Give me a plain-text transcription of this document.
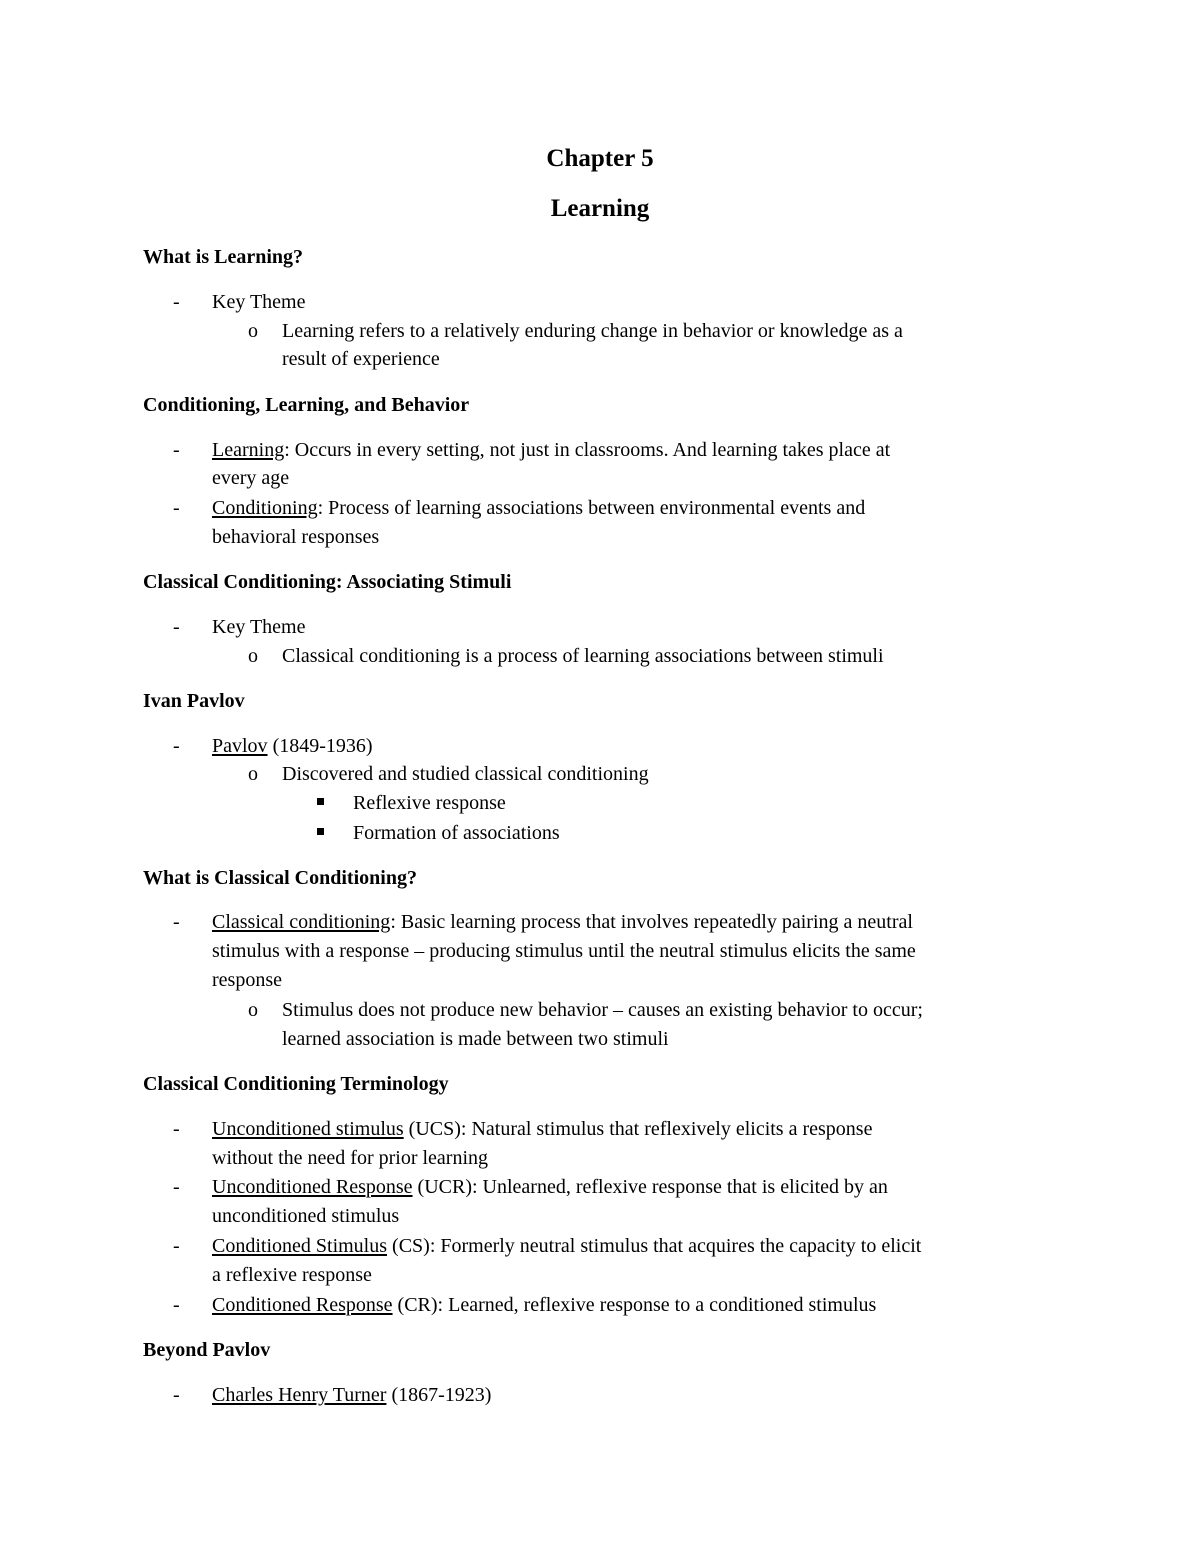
Chapter 5
Learning
What is Learning?
- Key Theme
o Learning refers to a relatively enduring change in behavior or knowledge as a
result of experience
Conditioning, Learning, and Behavior
- Learning: Occurs in every setting, not just in classrooms. And learning takes place at
every age
- Conditioning: Process of learning associations between environmental events and
behavioral responses
Classical Conditioning: Associating Stimuli
- Key Theme
o Classical conditioning is a process of learning associations between stimuli
Ivan Pavlov
- Pavlov (1849-1936)
o Discovered and studied classical conditioning
Reflexive response
Formation of associations
What is Classical Conditioning?
- Classical conditioning: Basic learning process that involves repeatedly pairing a neutral
stimulus with a response – producing stimulus until the neutral stimulus elicits the same
response
o Stimulus does not produce new behavior – causes an existing behavior to occur;
learned association is made between two stimuli
Classical Conditioning Terminology
- Unconditioned stimulus (UCS): Natural stimulus that reflexively elicits a response
without the need for prior learning
- Unconditioned Response (UCR): Unlearned, reflexive response that is elicited by an
unconditioned stimulus
- Conditioned Stimulus (CS): Formerly neutral stimulus that acquires the capacity to elicit
a reflexive response
- Conditioned Response (CR): Learned, reflexive response to a conditioned stimulus
Beyond Pavlov
- Charles Henry Turner (1867-1923)
